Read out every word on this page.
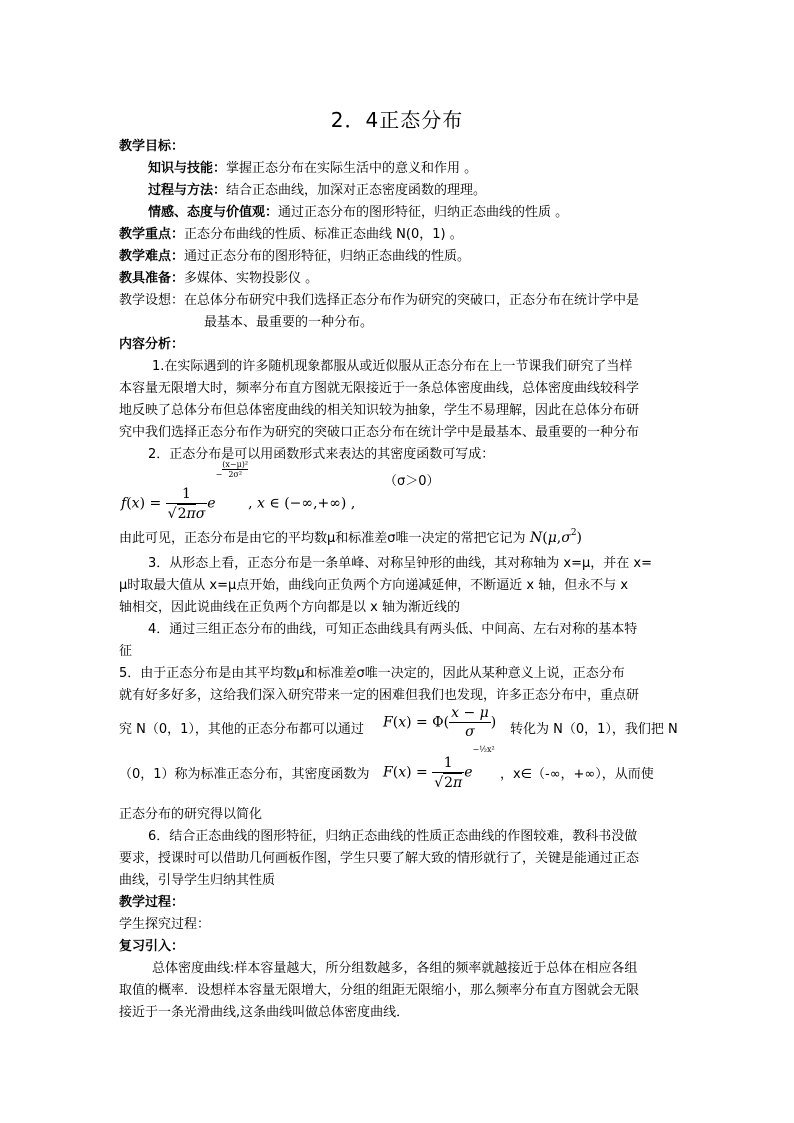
2．4正态分布
教学目标：
知识与技能：掌握正态分布在实际生活中的意义和作用 。
过程与方法：结合正态曲线，加深对正态密度函数的理理。
情感、态度与价值观：通过正态分布的图形特征，归纳正态曲线的性质 。
教学重点：正态分布曲线的性质、标准正态曲线 N(0，1) 。
教学难点：通过正态分布的图形特征，归纳正态曲线的性质。
教具准备：多媒体、实物投影仪 。
教学设想：在总体分布研究中我们选择正态分布作为研究的突破口，正态分布在统计学中是
最基本、最重要的一种分布。
内容分析：
1.在实际遇到的许多随机现象都服从或近似服从正态分布在上一节课我们研究了当样
本容量无限增大时，频率分布直方图就无限接近于一条总体密度曲线，总体密度曲线较科学
地反映了总体分布但总体密度曲线的相关知识较为抽象，学生不易理解，因此在总体分布研
究中我们选择正态分布作为研究的突破口正态分布在统计学中是最基本、最重要的一种分布
2．正态分布是可以用函数形式来表达的其密度函数可写成：
$f(x) = \frac{1}{√2\pi\sigma} e- \frac{\text{(x−μ)²}}{\text{2σ²}}$
, x ∈ (−∞,+∞) ,
（σ＞0）
由此可见，正态分布是由它的平均数μ和标准差σ唯一决定的常把它记为 $N(\mu,\sigma^2)$
3．从形态上看，正态分布是一条单峰、对称呈钟形的曲线，其对称轴为 x=μ，并在 x=
μ时取最大值从 x=μ点开始，曲线向正负两个方向递减延伸，不断逼近 x 轴，但永不与 x
轴相交，因此说曲线在正负两个方向都是以 x 轴为渐近线的
4．通过三组正态分布的曲线，可知正态曲线具有两头低、中间高、左右对称的基本特
征
5．由于正态分布是由其平均数μ和标准差σ唯一决定的，因此从某种意义上说，正态分布
就有好多好多，这给我们深入研究带来一定的困难但我们也发现，许多正态分布中，重点研
究 N（0，1），其他的正态分布都可以通过 $F(x) = \Phi( \frac{x - \mu}{\sigma}$ ) 转化为 N（0，1），我们把 N
（0，1）称为标准正态分布，其密度函数为 $F(x) = \frac{1}{√2\pi} e^{-\frac{1}{2}x^2}$
，x∈（-∞，+∞），从而使
正态分布的研究得以简化
6．结合正态曲线的图形特征，归纳正态曲线的性质正态曲线的作图较难，教科书没做
要求，授课时可以借助几何画板作图，学生只要了解大致的情形就行了，关键是能通过正态
曲线，引导学生归纳其性质
教学过程：
学生探究过程：
复习引入：
总体密度曲线:样本容量越大，所分组数越多，各组的频率就越接近于总体在相应各组
取值的概率．设想样本容量无限增大，分组的组距无限缩小，那么频率分布直方图就会无限
接近于一条光滑曲线,这条曲线叫做总体密度曲线．
